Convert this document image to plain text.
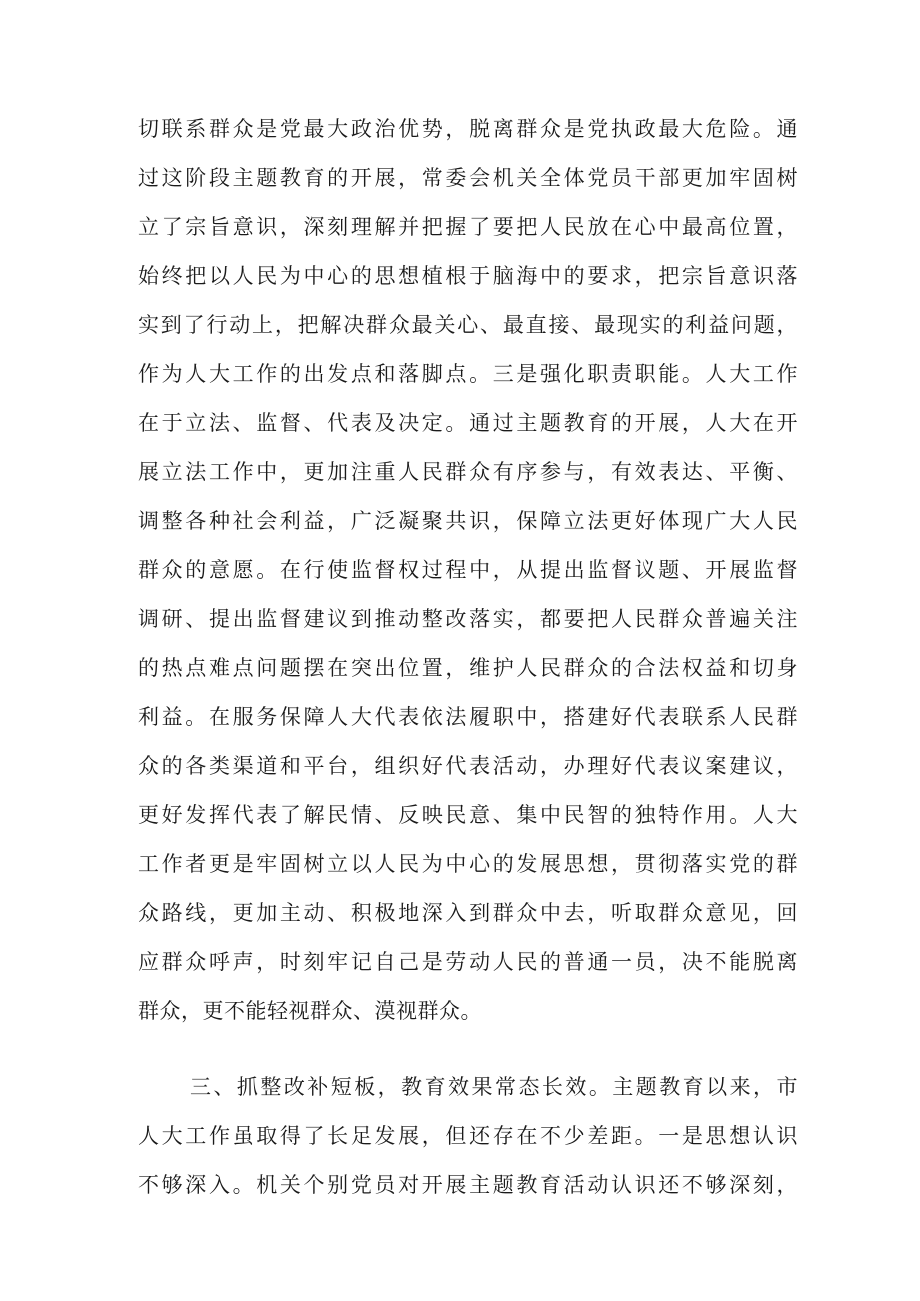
切联系群众是党最大政治优势，脱离群众是党执政最大危险。通
过这阶段主题教育的开展，常委会机关全体党员干部更加牢固树
立了宗旨意识，深刻理解并把握了要把人民放在心中最高位置，
始终把以人民为中心的思想植根于脑海中的要求，把宗旨意识落
实到了行动上，把解决群众最关心、最直接、最现实的利益问题，
作为人大工作的出发点和落脚点。三是强化职责职能。人大工作
在于立法、监督、代表及决定。通过主题教育的开展，人大在开
展立法工作中，更加注重人民群众有序参与，有效表达、平衡、
调整各种社会利益，广泛凝聚共识，保障立法更好体现广大人民
群众的意愿。在行使监督权过程中，从提出监督议题、开展监督
调研、提出监督建议到推动整改落实，都要把人民群众普遍关注
的热点难点问题摆在突出位置，维护人民群众的合法权益和切身
利益。在服务保障人大代表依法履职中，搭建好代表联系人民群
众的各类渠道和平台，组织好代表活动，办理好代表议案建议，
更好发挥代表了解民情、反映民意、集中民智的独特作用。人大
工作者更是牢固树立以人民为中心的发展思想，贯彻落实党的群
众路线，更加主动、积极地深入到群众中去，听取群众意见，回
应群众呼声，时刻牢记自己是劳动人民的普通一员，决不能脱离
群众，更不能轻视群众、漠视群众。
三、抓整改补短板，教育效果常态长效。主题教育以来，市
人大工作虽取得了长足发展，但还存在不少差距。一是思想认识
不够深入。机关个别党员对开展主题教育活动认识还不够深刻，
